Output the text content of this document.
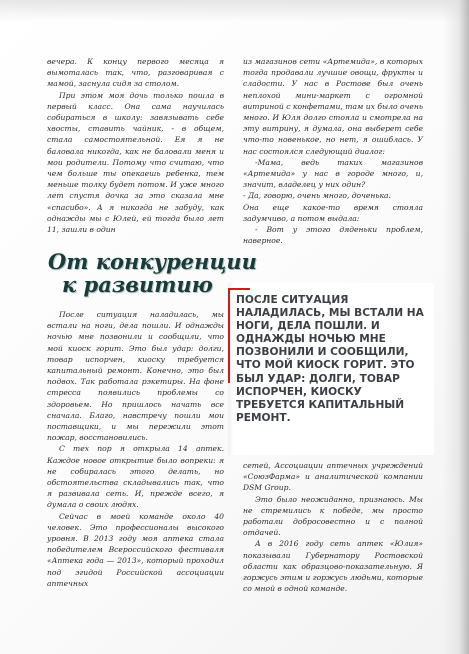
вечера. К концу первого месяца я вымоталась так, что, разговаривая с мамой, заснула сидя за столом.

При этом моя дочь только пошла в первый класс. Она сама научилась собираться в школу: завязывать себе хвосты, ставить чайник, - в общем, стала самостоятельной. Ея я не баловала никогда, как не баловали меня и мои родители. Потому что считаю, что чем больше ты опекаешь ребенка, тем меньше толку будет потом. И уже много лет спустя дочка за это сказала мне «спасибо». А я никогда не забуду, как однажды мы с Юлей, ей тогда было лет 11, зашли в один

из магазинов сети «Артемида», в которых тогда продавали лучшие овощи, фрукты и сладости. У нас в Ростове был очень неплохой мини-маркет с огромной витриной с конфетами, там их было очень много. И Юля долго стояла и смотрела на эту витрину, я думала, она выберет себе что-то новенькое, но нет, я ошиблась. У нас состоялся следующий диалог:

-Мама, ведь таких магазинов «Артемида» у нас в городе много, и, значит, владелец у них один?

- Да, говорю, очень много, доченька.

Она еще какое-то время стояла задумчиво, а потом выдала:

- Вот у этого дяденьки проблем, наверное.

От конкуренции
к развитию

После ситуация наладилась, мы встали на ноги, дела пошли. И однажды ночью мне позвонили и сообщили, что мой киоск горит. Это был удар: долги, товар испорчен, киоску требуется капитальный ремонт. Конечно, это был подвох. Так работала рэкетиры. На фоне стресса появились проблемы со здоровьем. Но пришлось начать все сначала. Благо, навстречу пошли мои поставщики, и мы пережили этот пожар, восстановились.

С тех пор я открыла 14 аптек. Каждое новое открытие было вопреки: я не собиралась этого делать, но обстоятельства складывались так, что я развивала сеть. И, прежде всего, я думала о своих людях.

Сейчас в моей команде около 40 человек. Это профессионалы высокого уровня. В 2013 году моя аптека стала победителем Всероссийского фестиваля «Аптека года — 2013», который проходил под эгидой Российской ассоциации аптечных

ПОСЛЕ СИТУАЦИЯ НАЛАДИЛАСЬ, МЫ ВСТАЛИ НА НОГИ, ДЕЛА ПОШЛИ. И ОДНАЖДЫ НОЧЬЮ МНЕ ПОЗВОНИЛИ И СООБЩИЛИ, ЧТО МОЙ КИОСК ГОРИТ. ЭТО БЫЛ УДАР: ДОЛГИ, ТОВАР ИСПОРЧЕН, КИОСКУ ТРЕБУЕТСЯ КАПИТАЛЬНЫЙ РЕМОНТ.

сетей, Ассоциации аптечных учреждений «СоюзФарма» и аналитической компании DSM Group.

Это было неожиданно, признаюсь. Мы не стремились к победе, мы просто работали добросовестно и с полной отдачей.

А в 2016 году сеть аптек «Юлия» показывали Губернатору Ростовской области как образцово-показательную. Я горжусь этим и горжусь людьми, которые со мной в одной команде.
